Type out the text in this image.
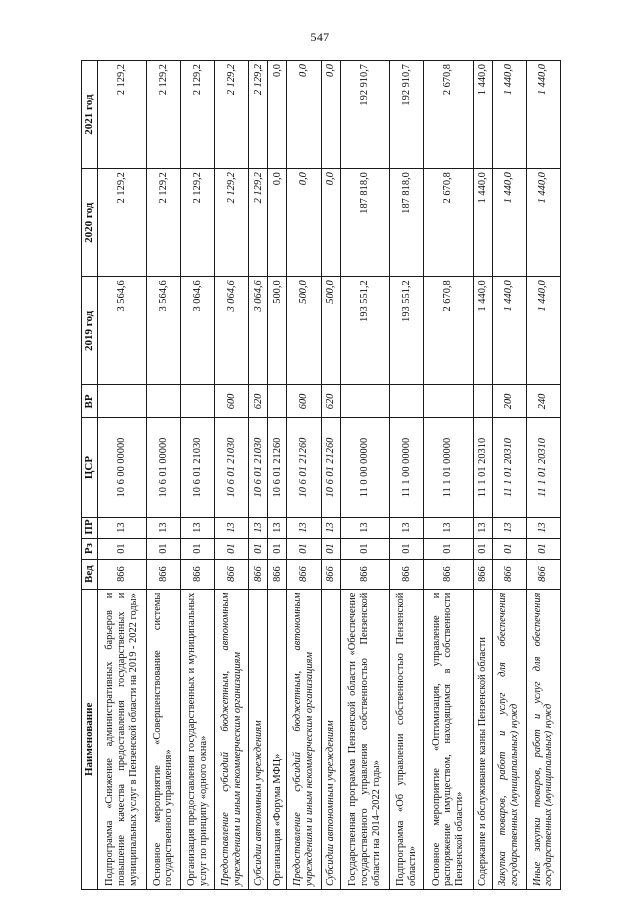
547
Наименование	Вед	Рз	ПР	ЦСР	ВР	2019 год	2020 год	2021 год
Подпрограмма «Снижение административных барьеров и повышение качества предоставления государственных и муниципальных услуг в Пензенской области на 2019 - 2022 годы»	866	01	13	10 6 00 00000		3 564,6	2 129,2	2 129,2
Основное мероприятие «Совершенствование системы государственного управления»	866	01	13	10 6 01 00000		3 564,6	2 129,2	2 129,2
Организация предоставления государственных и муниципальных услуг по принципу «одного окна»	866	01	13	10 6 01 21030		3 064,6	2 129,2	2 129,2
Предоставление субсидий бюджетным, автономным учреждениям и иным некоммерческим организациям	866	01	13	10 6 01 21030	600	3 064,6	2 129,2	2 129,2
Субсидии автономным учреждениям	866	01	13	10 6 01 21030	620	3 064,6	2 129,2	2 129,2
Организация «Форума МФЦ»	866	01	13	10 6 01 21260		500,0	0,0	0,0
Предоставление субсидий бюджетным, автономным учреждениям и иным некоммерческим организациям	866	01	13	10 6 01 21260	600	500,0	0,0	0,0
Субсидии автономным учреждениям	866	01	13	10 6 01 21260	620	500,0	0,0	0,0
Государственная программа Пензенской области «Обеспечение государственного управления собственностью Пензенской области на 2014–2022 годы»	866	01	13	11 0 00 00000		193 551,2	187 818,0	192 910,7
Подпрограмма «Об управлении собственностью Пензенской области»	866	01	13	11 1 00 00000		193 551,2	187 818,0	192 910,7
Основное мероприятие «Оптимизация, управление и распоряжение имуществом, находящимся в собственности Пензенской области»	866	01	13	11 1 01 00000		2 670,8	2 670,8	2 670,8
Содержание и обслуживание казны Пензенской области	866	01	13	11 1 01 20310		1 440,0	1 440,0	1 440,0
Закупка товаров, работ и услуг для обеспечения государственных (муниципальных) нужд	866	01	13	11 1 01 20310	200	1 440,0	1 440,0	1 440,0
Иные закупки товаров, работ и услуг для обеспечения государственных (муниципальных) нужд	866	01	13	11 1 01 20310	240	1 440,0	1 440,0	1 440,0
